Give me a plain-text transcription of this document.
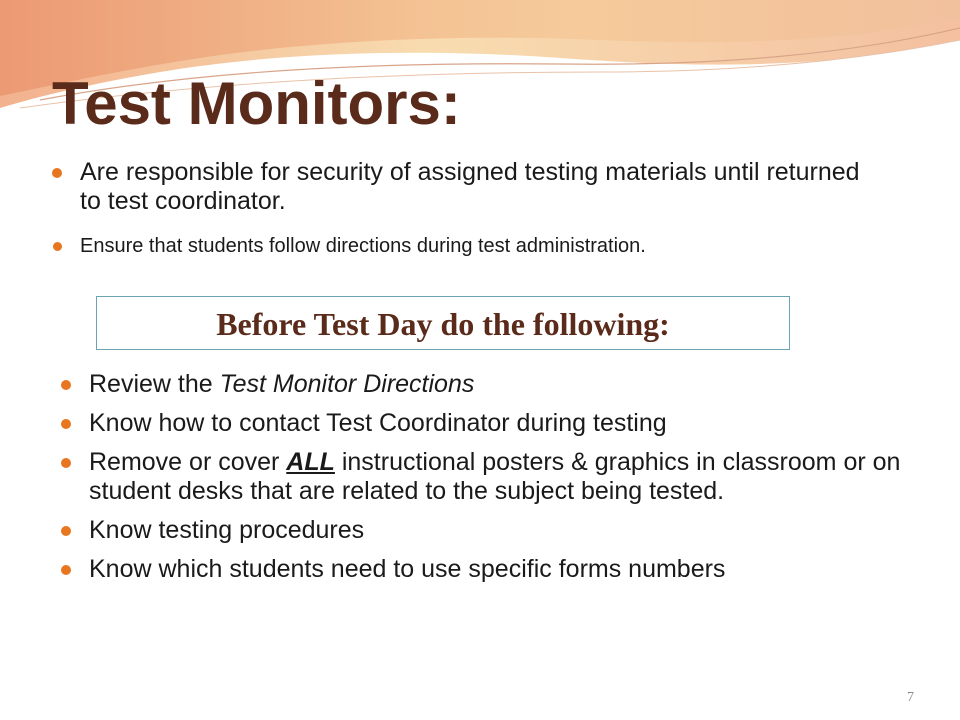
Test Monitors:
Are responsible for security of assigned testing materials until returned to test coordinator.
Ensure that students follow directions during test administration.
Before Test Day do the following:
Review the Test Monitor Directions
Know how to contact Test Coordinator during testing
Remove or cover ALL instructional posters & graphics in classroom or on student desks that are related to the subject being tested.
Know testing procedures
Know which students need to use specific forms numbers
7
